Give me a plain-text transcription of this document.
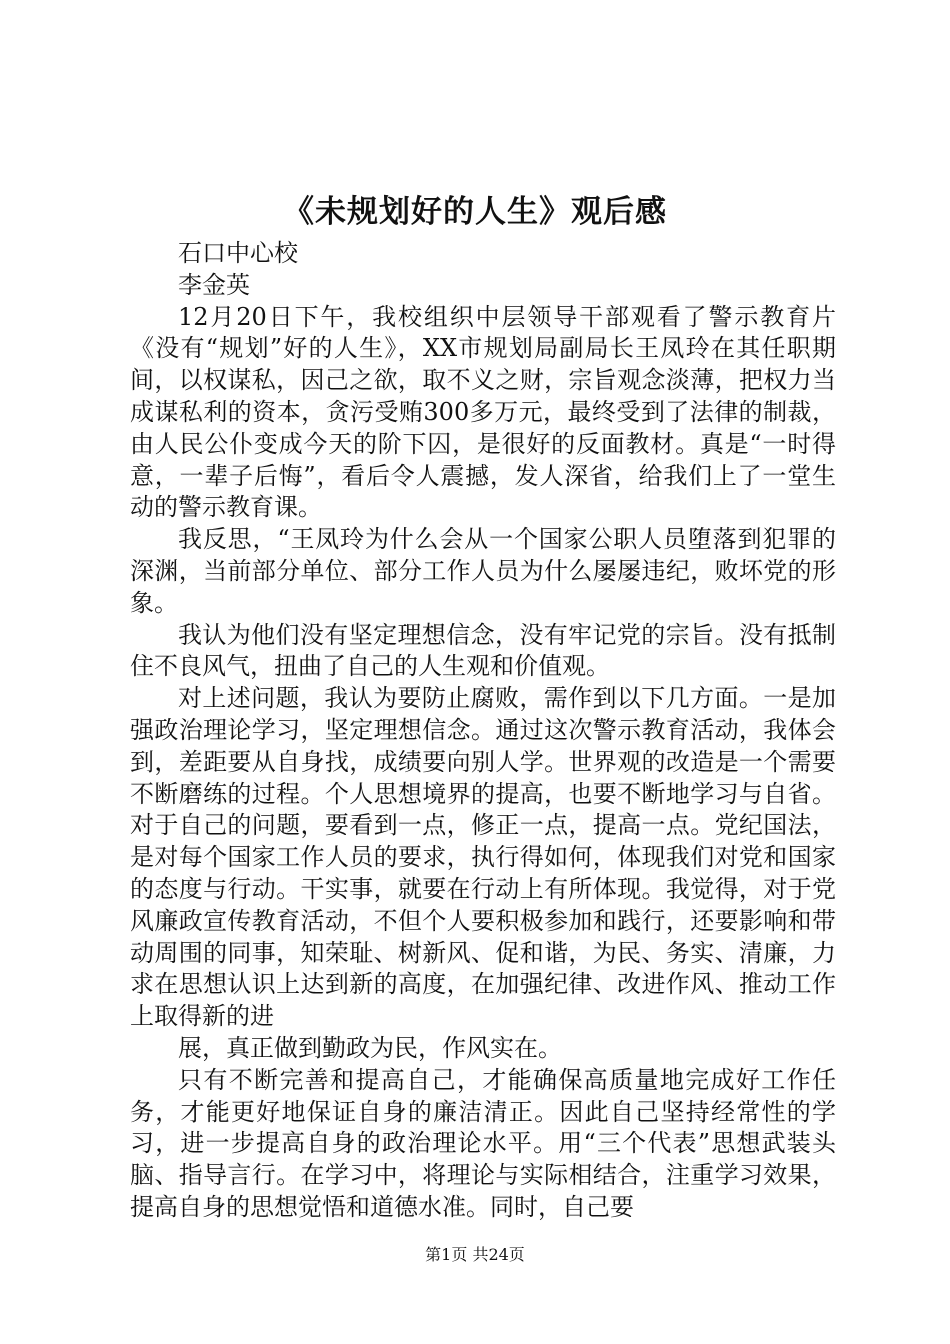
《未规划好的人生》观后感

石口中心校

李金英

12月20日下午，我校组织中层领导干部观看了警示教育片《没有“规划”好的人生》，XX市规划局副局长王凤玲在其任职期间，以权谋私，因己之欲，取不义之财，宗旨观念淡薄，把权力当成谋私利的资本，贪污受贿300多万元，最终受到了法律的制裁，由人民公仆变成今天的阶下囚，是很好的反面教材。真是“一时得意，一辈子后悔”，看后令人震撼，发人深省，给我们上了一堂生动的警示教育课。

我反思，“王凤玲为什么会从一个国家公职人员堕落到犯罪的深渊，当前部分单位、部分工作人员为什么屡屡违纪，败坏党的形象。

我认为他们没有坚定理想信念，没有牢记党的宗旨。没有抵制住不良风气，扭曲了自己的人生观和价值观。

对上述问题，我认为要防止腐败，需作到以下几方面。一是加强政治理论学习，坚定理想信念。通过这次警示教育活动，我体会到，差距要从自身找，成绩要向别人学。世界观的改造是一个需要不断磨练的过程。个人思想境界的提高，也要不断地学习与自省。对于自己的问题，要看到一点，修正一点，提高一点。党纪国法，是对每个国家工作人员的要求，执行得如何，体现我们对党和国家的态度与行动。干实事，就要在行动上有所体现。我觉得，对于党风廉政宣传教育活动，不但个人要积极参加和践行，还要影响和带动周围的同事，知荣耻、树新风、促和谐，为民、务实、清廉，力求在思想认识上达到新的高度，在加强纪律、改进作风、推动工作上取得新的进

展，真正做到勤政为民，作风实在。

只有不断完善和提高自己，才能确保高质量地完成好工作任务，才能更好地保证自身的廉洁清正。因此自己坚持经常性的学习，进一步提高自身的政治理论水平。用“三个代表”思想武装头脑、指导言行。在学习中，将理论与实际相结合，注重学习效果，提高自身的思想觉悟和道德水准。同时，自己要

第1页 共24页
